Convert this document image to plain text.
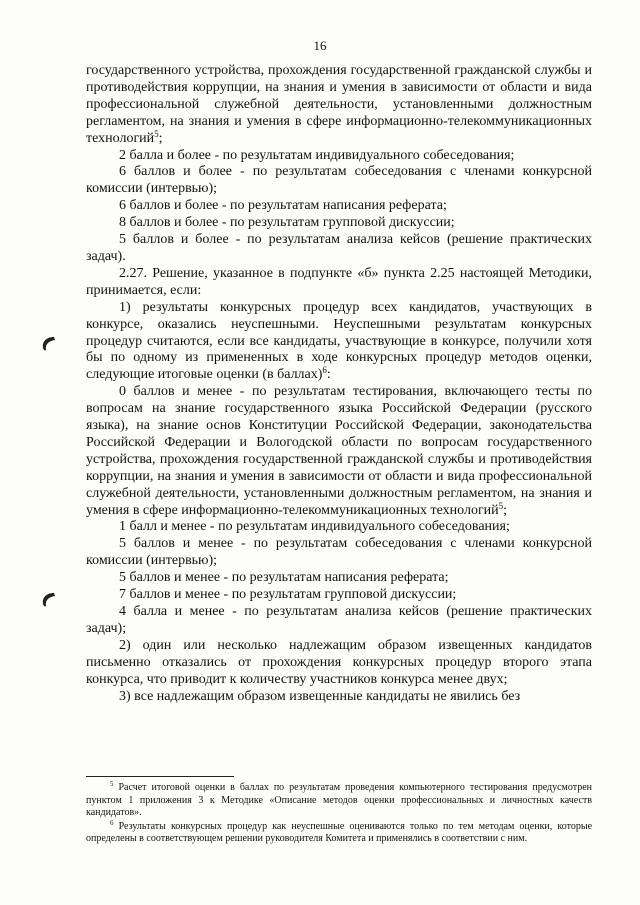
16

государственного устройства, прохождения государственной гражданской службы и противодействия коррупции, на знания и умения в зависимости от области и вида профессиональной служебной деятельности, установленными должностным регламентом, на знания и умения в сфере информационно-телекоммуникационных технологий$^5$;

2 балла и более - по результатам индивидуального собеседования;

6 баллов и более - по результатам собеседования с членами конкурсной комиссии (интервью);

6 баллов и более - по результатам написания реферата;

8 баллов и более - по результатам групповой дискуссии;

5 баллов и более - по результатам анализа кейсов (решение практических задач).

2.27. Решение, указанное в подпункте «б» пункта 2.25 настоящей Методики, принимается, если:

1) результаты конкурсных процедур всех кандидатов, участвующих в конкурсе, оказались неуспешными. Неуспешными результатам конкурсных процедур считаются, если все кандидаты, участвующие в конкурсе, получили хотя бы по одному из примененных в ходе конкурсных процедур методов оценки, следующие итоговые оценки (в баллах)$^6$:

0 баллов и менее - по результатам тестирования, включающего тесты по вопросам на знание государственного языка Российской Федерации (русского языка), на знание основ Конституции Российской Федерации, законодательства Российской Федерации и Вологодской области по вопросам государственного устройства, прохождения государственной гражданской службы и противодействия коррупции, на знания и умения в зависимости от области и вида профессиональной служебной деятельности, установленными должностным регламентом, на знания и умения в сфере информационно-телекоммуникационных технологий$^5$;

1 балл и менее - по результатам индивидуального собеседования;

5 баллов и менее - по результатам собеседования с членами конкурсной комиссии (интервью);

5 баллов и менее - по результатам написания реферата;

7 баллов и менее - по результатам групповой дискуссии;

4 балла и менее - по результатам анализа кейсов (решение практических задач);

2) один или несколько надлежащим образом извещенных кандидатов письменно отказались от прохождения конкурсных процедур второго этапа конкурса, что приводит к количеству участников конкурса менее двух;

3) все надлежащим образом извещенные кандидаты не явились без

$^5$ Расчет итоговой оценки в баллах по результатам проведения компьютерного тестирования предусмотрен пунктом 1 приложения 3 к Методике «Описание методов оценки профессиональных и личностных качеств кандидатов».

$^6$ Результаты конкурсных процедур как неуспешные оцениваются только по тем методам оценки, которые определены в соответствующем решении руководителя Комитета и применялись в соответствии с ним.
